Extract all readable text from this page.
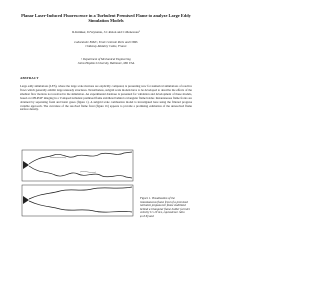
Planar Laser-Induced Fluorescence in a Turbulent Premixed Flame to analyze Large Eddy Simulation Models
R.Knikker, D.Veynante, J.C.Rolon and C.Meneveau¹
Laboratoire EM2C, Ecole Centrale Paris and CNRS
Châtenay-Malabry Cedex, France
¹ Department of Mechanical Engineering
Johns Hopkins University, Baltimore, MD USA
ABSTRACT
Large eddy simulations (LES), where the large scale motions are explicitly computed, is presenting now for numerical simulations of reactive flows which generally exhibit large unsteady structures. Nevertheless, subgrid scale models have to be developed to describe the effects of the smallest flow motions not resolved in the simulation. An experimental database is presented for validation and development of these models, based on OH-PLIF imaging in a V-shaped turbulent premixed flame stabilized behind a triangular flame holder. Instantaneous flame fronts are obtained by separating fresh and burnt gases (figure 1). A subgrid scale combustion model is investigated here using the filtered progress variable approach. The curvature of the resolved flame front (figure 1b) appears to provide a promising estimation of the unresolved flame surface density.
Figure 1. Visualization of the instantaneous flame front of a premixed turbulent propane/air flame stabilized behind a triangular flame holder (at inlet velocity U=10 m/s, equivalence ratio φ=0.8) and
